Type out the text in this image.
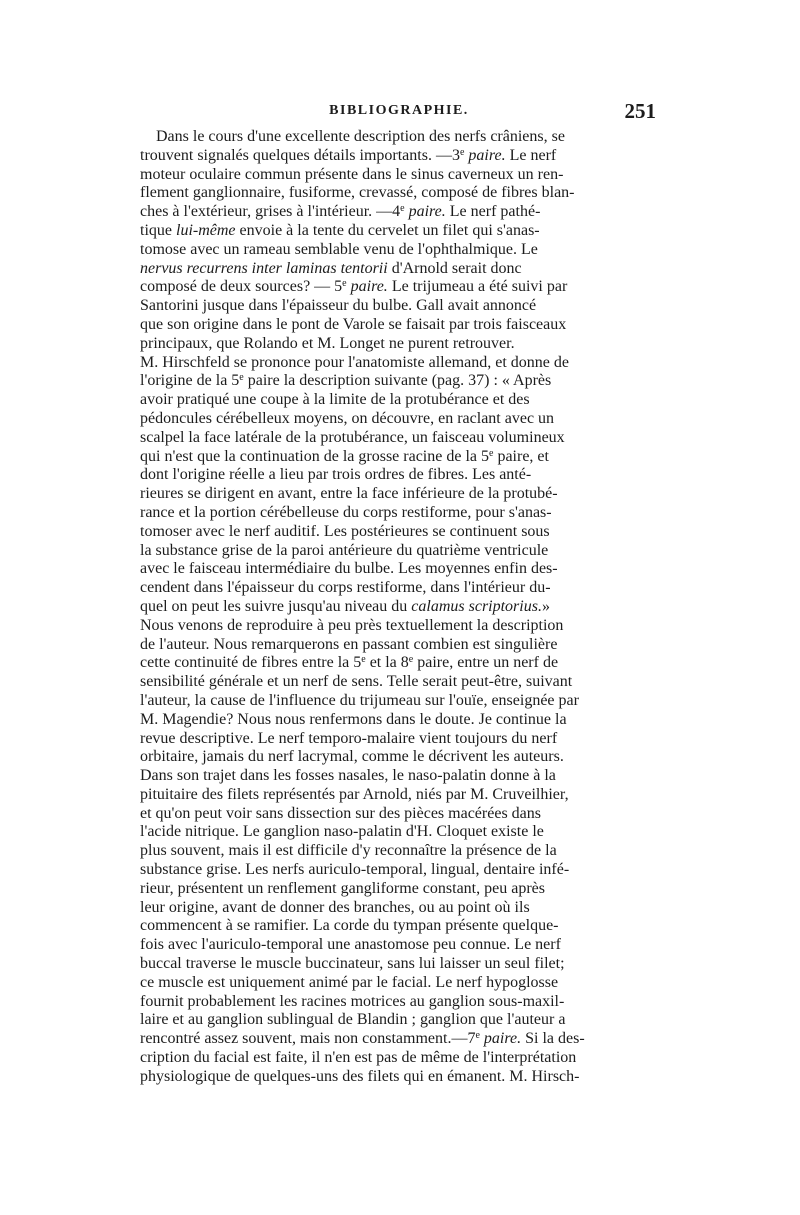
BIBLIOGRAPHIE.	251
Dans le cours d'une excellente description des nerfs crâniens, se
trouvent signalés quelques détails importants. —3e paire. Le nerf
moteur oculaire commun présente dans le sinus caverneux un ren-
flement ganglionnaire, fusiforme, crevassé, composé de fibres blan-
ches à l'extérieur, grises à l'intérieur. —4e paire. Le nerf pathé-
tique lui-même envoie à la tente du cervelet un filet qui s'anas-
tomose avec un rameau semblable venu de l'ophthalmique. Le
nervus recurrens inter laminas tentorii d'Arnold serait donc
composé de deux sources? — 5e paire. Le trijumeau a été suivi par
Santorini jusque dans l'épaisseur du bulbe. Gall avait annoncé
que son origine dans le pont de Varole se faisait par trois faisceaux
principaux, que Rolando et M. Longet ne purent retrouver.
M. Hirschfeld se prononce pour l'anatomiste allemand, et donne de
l'origine de la 5e paire la description suivante (pag. 37) : « Après
avoir pratiqué une coupe à la limite de la protubérance et des
pédoncules cérébelleux moyens, on découvre, en raclant avec un
scalpel la face latérale de la protubérance, un faisceau volumineux
qui n'est que la continuation de la grosse racine de la 5e paire, et
dont l'origine réelle a lieu par trois ordres de fibres. Les anté-
rieures se dirigent en avant, entre la face inférieure de la protubé-
rance et la portion cérébelleuse du corps restiforme, pour s'anas-
tomoser avec le nerf auditif. Les postérieures se continuent sous
la substance grise de la paroi antérieure du quatrième ventricule
avec le faisceau intermédiaire du bulbe. Les moyennes enfin des-
cendent dans l'épaisseur du corps restiforme, dans l'intérieur du-
quel on peut les suivre jusqu'au niveau du calamus scriptorius.»
Nous venons de reproduire à peu près textuellement la description
de l'auteur. Nous remarquerons en passant combien est singulière
cette continuité de fibres entre la 5e et la 8e paire, entre un nerf de
sensibilité générale et un nerf de sens. Telle serait peut-être, suivant
l'auteur, la cause de l'influence du trijumeau sur l'ouïe, enseignée par
M. Magendie? Nous nous renfermons dans le doute. Je continue la
revue descriptive. Le nerf temporo-malaire vient toujours du nerf
orbitaire, jamais du nerf lacrymal, comme le décrivent les auteurs.
Dans son trajet dans les fosses nasales, le naso-palatin donne à la
pituitaire des filets représentés par Arnold, niés par M. Cruveilhier,
et qu'on peut voir sans dissection sur des pièces macérées dans
l'acide nitrique. Le ganglion naso-palatin d'H. Cloquet existe le
plus souvent, mais il est difficile d'y reconnaître la présence de la
substance grise. Les nerfs auriculo-temporal, lingual, dentaire infé-
rieur, présentent un renflement gangliforme constant, peu après
leur origine, avant de donner des branches, ou au point où ils
commencent à se ramifier. La corde du tympan présente quelque-
fois avec l'auriculo-temporal une anastomose peu connue. Le nerf
buccal traverse le muscle buccinateur, sans lui laisser un seul filet;
ce muscle est uniquement animé par le facial. Le nerf hypoglosse
fournit probablement les racines motrices au ganglion sous-maxil-
laire et au ganglion sublingual de Blandin ; ganglion que l'auteur a
rencontré assez souvent, mais non constamment.—7e paire. Si la des-
cription du facial est faite, il n'en est pas de même de l'interprétation
physiologique de quelques-uns des filets qui en émanent. M. Hirsch-
